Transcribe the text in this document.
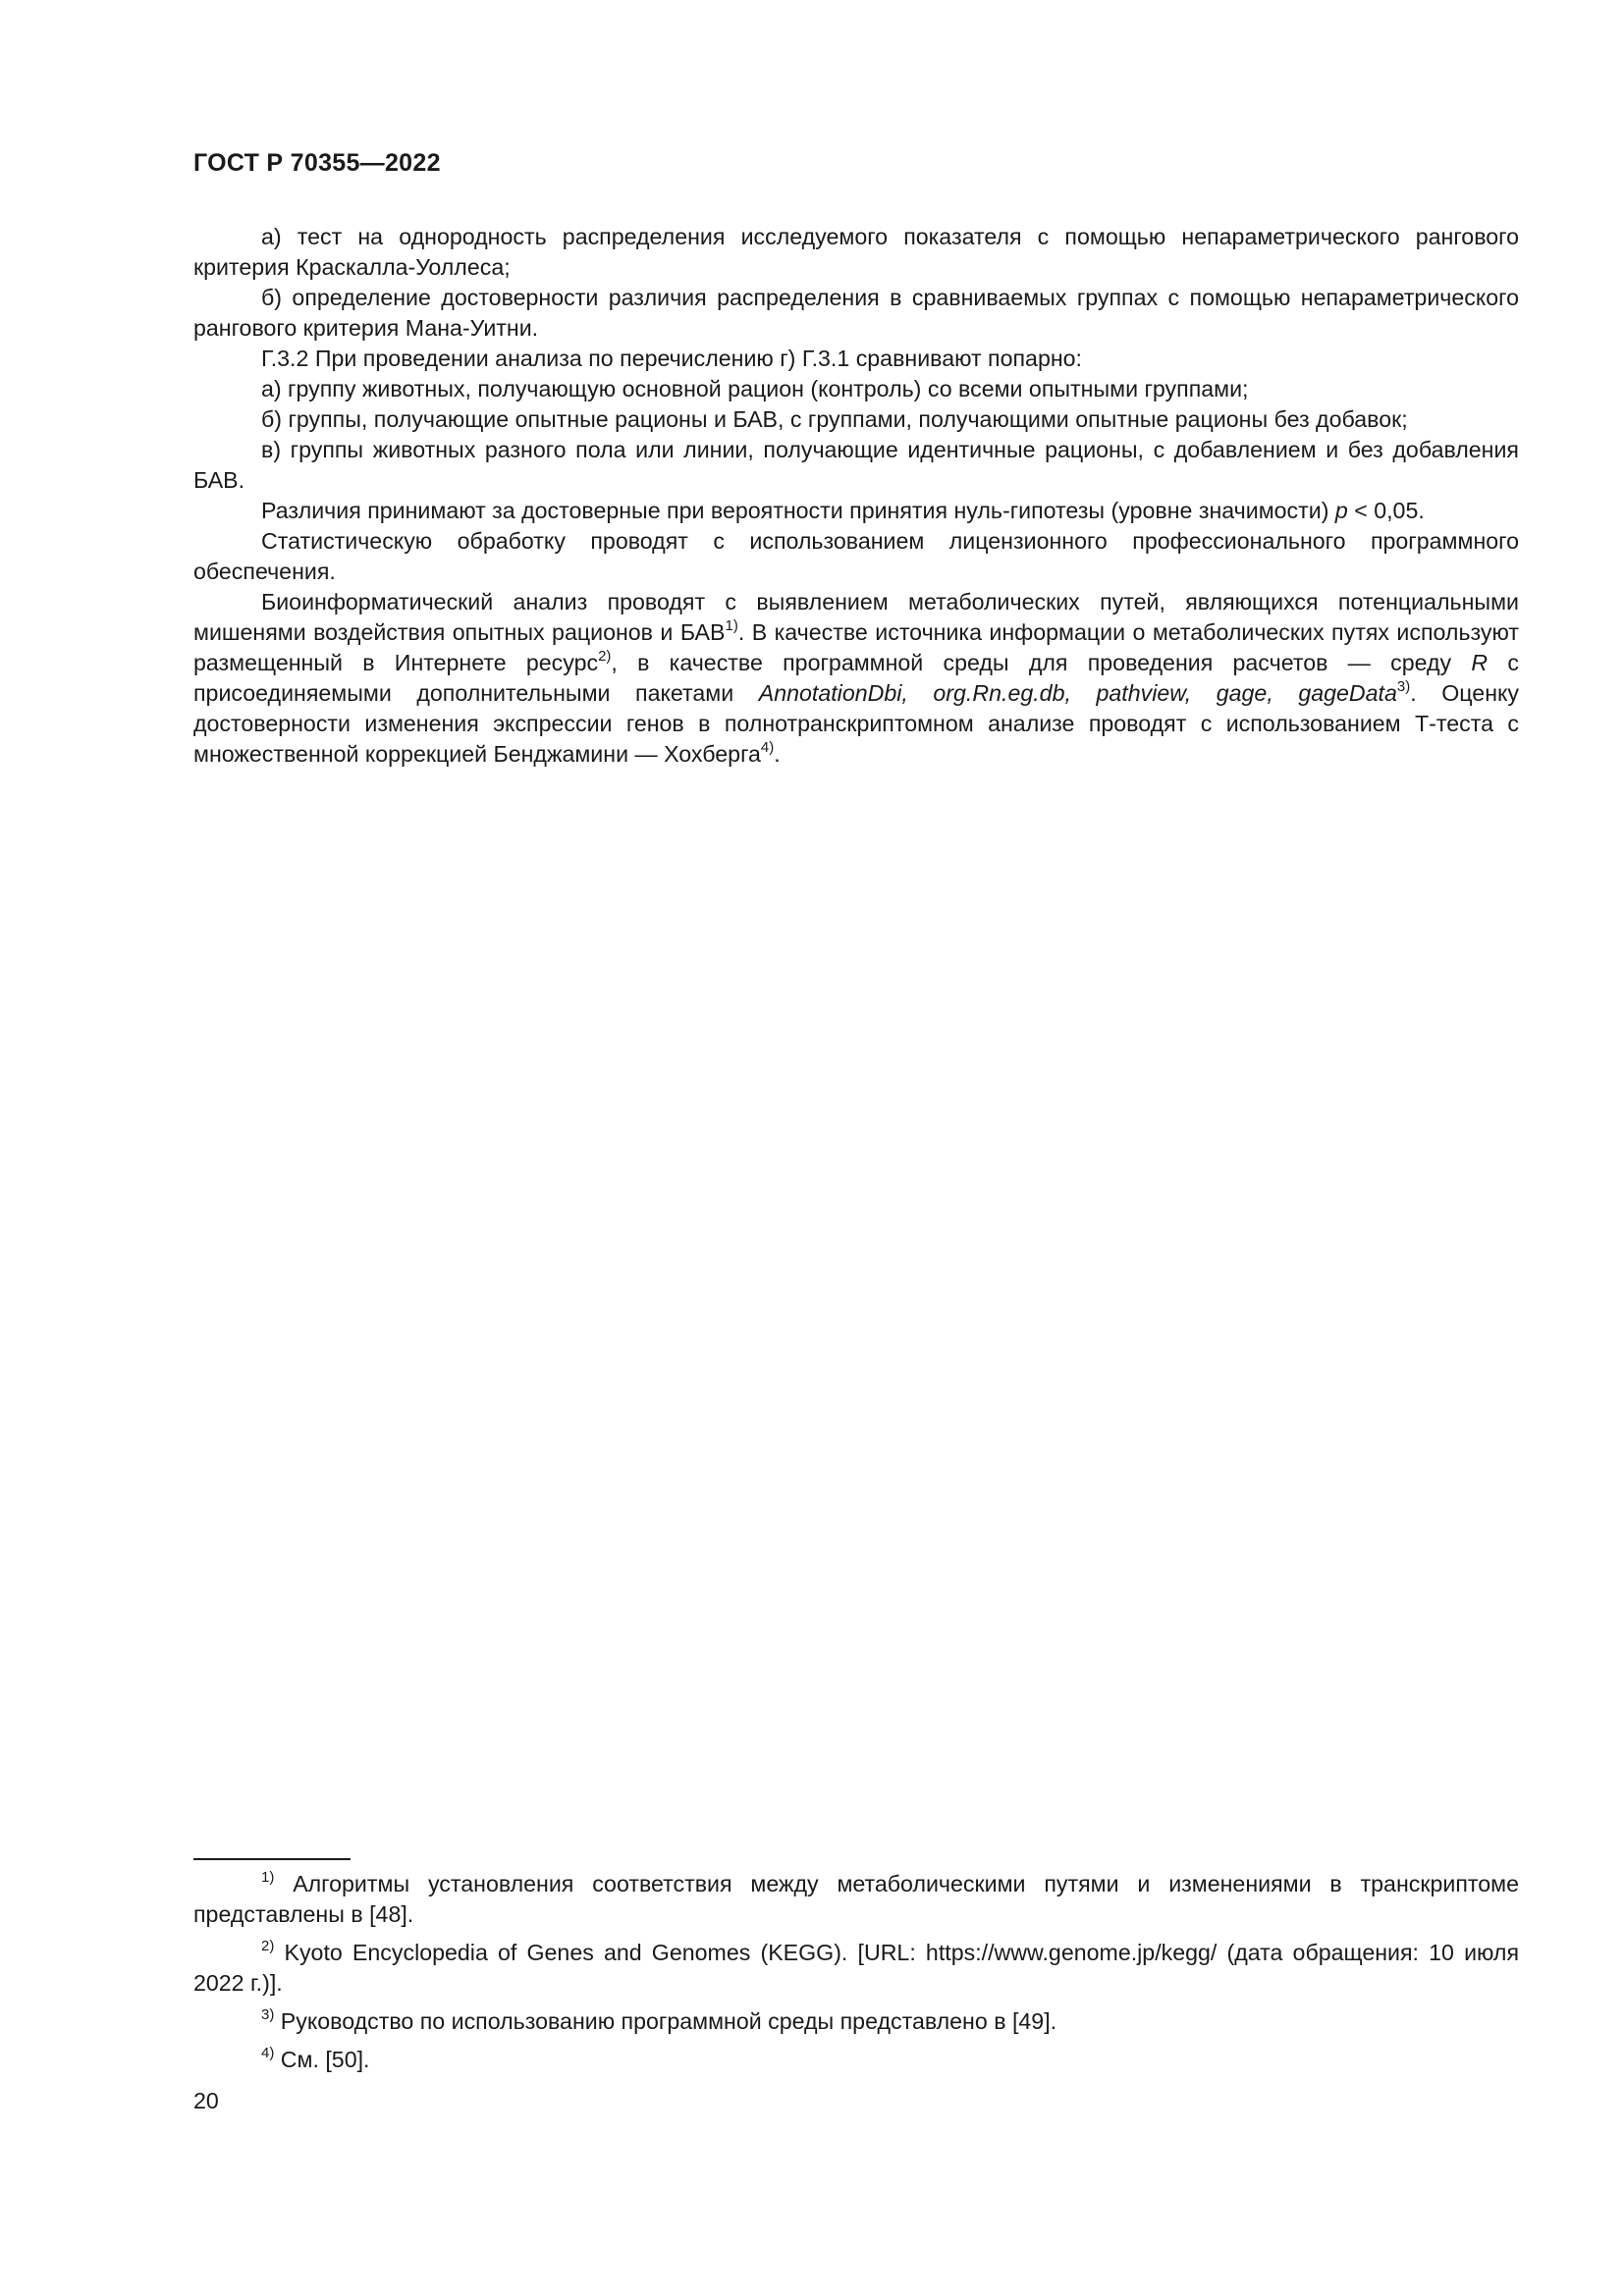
ГОСТ Р 70355—2022

а) тест на однородность распределения исследуемого показателя с помощью непараметрического рангового критерия Краскалла-Уоллеса;

б) определение достоверности различия распределения в сравниваемых группах с помощью непараметрического рангового критерия Мана-Уитни.

Г.3.2 При проведении анализа по перечислению г) Г.3.1 сравнивают попарно:

а) группу животных, получающую основной рацион (контроль) со всеми опытными группами;

б) группы, получающие опытные рационы и БАВ, с группами, получающими опытные рационы без добавок;

в) группы животных разного пола или линии, получающие идентичные рационы, с добавлением и без добавления БАВ.

Различия принимают за достоверные при вероятности принятия нуль-гипотезы (уровне значимости) р < 0,05.

Статистическую обработку проводят с использованием лицензионного профессионального программного обеспечения.

Биоинформатический анализ проводят с выявлением метаболических путей, являющихся потенциальными мишенями воздействия опытных рационов и БАВ$^{1)}$. В качестве источника информации о метаболических путях используют размещенный в Интернете ресурс$^{2)}$, в качестве программной среды для проведения расчетов — среду R с присоединяемыми дополнительными пакетами AnnotationDbi, org.Rn.eg.db, pathview, gage, gageData$^{3)}$. Оценку достоверности изменения экспрессии генов в полнотранскриптомном анализе проводят с использованием Т-теста с множественной коррекцией Бенджамини — Хохберга$^{4)}$.

$^{1)}$ Алгоритмы установления соответствия между метаболическими путями и изменениями в транскриптоме представлены в [48].

$^{2)}$ Kyoto Encyclopedia of Genes and Genomes (KEGG). [URL: https://www.genome.jp/kegg/ (дата обращения: 10 июля 2022 г.)].

$^{3)}$ Руководство по использованию программной среды представлено в [49].

$^{4)}$ См. [50].

20
